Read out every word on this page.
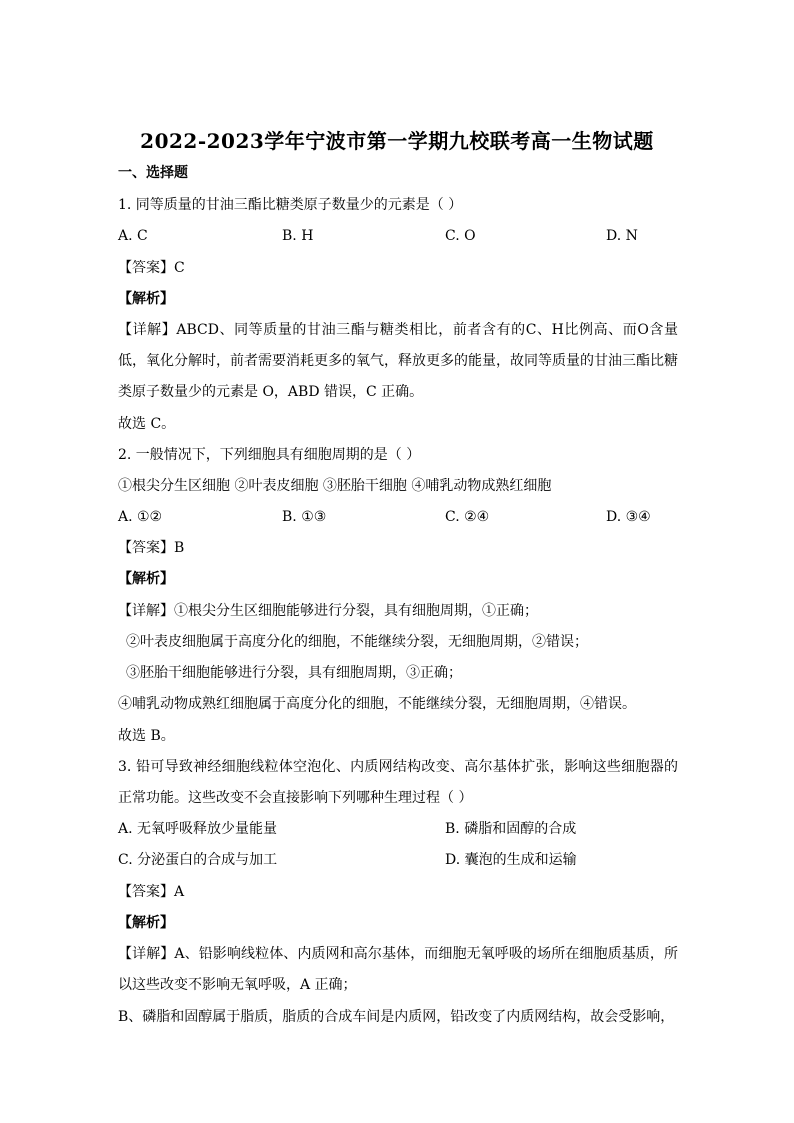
2022-2023学年宁波市第一学期九校联考高一生物试题
一、选择题
1. 同等质量的甘油三酯比糖类原子数量少的元素是（ ）
A. C	B. H	C. O	D. N
【答案】C
【解析】
【详解】ABCD、同等质量的甘油三酯与糖类相比，前者含有的C、H比例高、而O含量低，氧化分解时，前者需要消耗更多的氧气，释放更多的能量，故同等质量的甘油三酯比糖类原子数量少的元素是 O，ABD 错误，C 正确。
故选 C。
2. 一般情况下，下列细胞具有细胞周期的是（ ）
①根尖分生区细胞 ②叶表皮细胞 ③胚胎干细胞 ④哺乳动物成熟红细胞
A. ①②	B. ①③	C. ②④	D. ③④
【答案】B
【解析】
【详解】①根尖分生区细胞能够进行分裂，具有细胞周期，①正确；
②叶表皮细胞属于高度分化的细胞，不能继续分裂，无细胞周期，②错误；
③胚胎干细胞能够进行分裂，具有细胞周期，③正确；
④哺乳动物成熟红细胞属于高度分化的细胞，不能继续分裂，无细胞周期，④错误。
故选 B。
3. 铅可导致神经细胞线粒体空泡化、内质网结构改变、高尔基体扩张，影响这些细胞器的正常功能。这些改变不会直接影响下列哪种生理过程（ ）
A. 无氧呼吸释放少量能量	B. 磷脂和固醇的合成
C. 分泌蛋白的合成与加工	D. 囊泡的生成和运输
【答案】A
【解析】
【详解】A、铅影响线粒体、内质网和高尔基体，而细胞无氧呼吸的场所在细胞质基质，所以这些改变不影响无氧呼吸，A 正确；
B、磷脂和固醇属于脂质，脂质的合成车间是内质网，铅改变了内质网结构，故会受影响，
